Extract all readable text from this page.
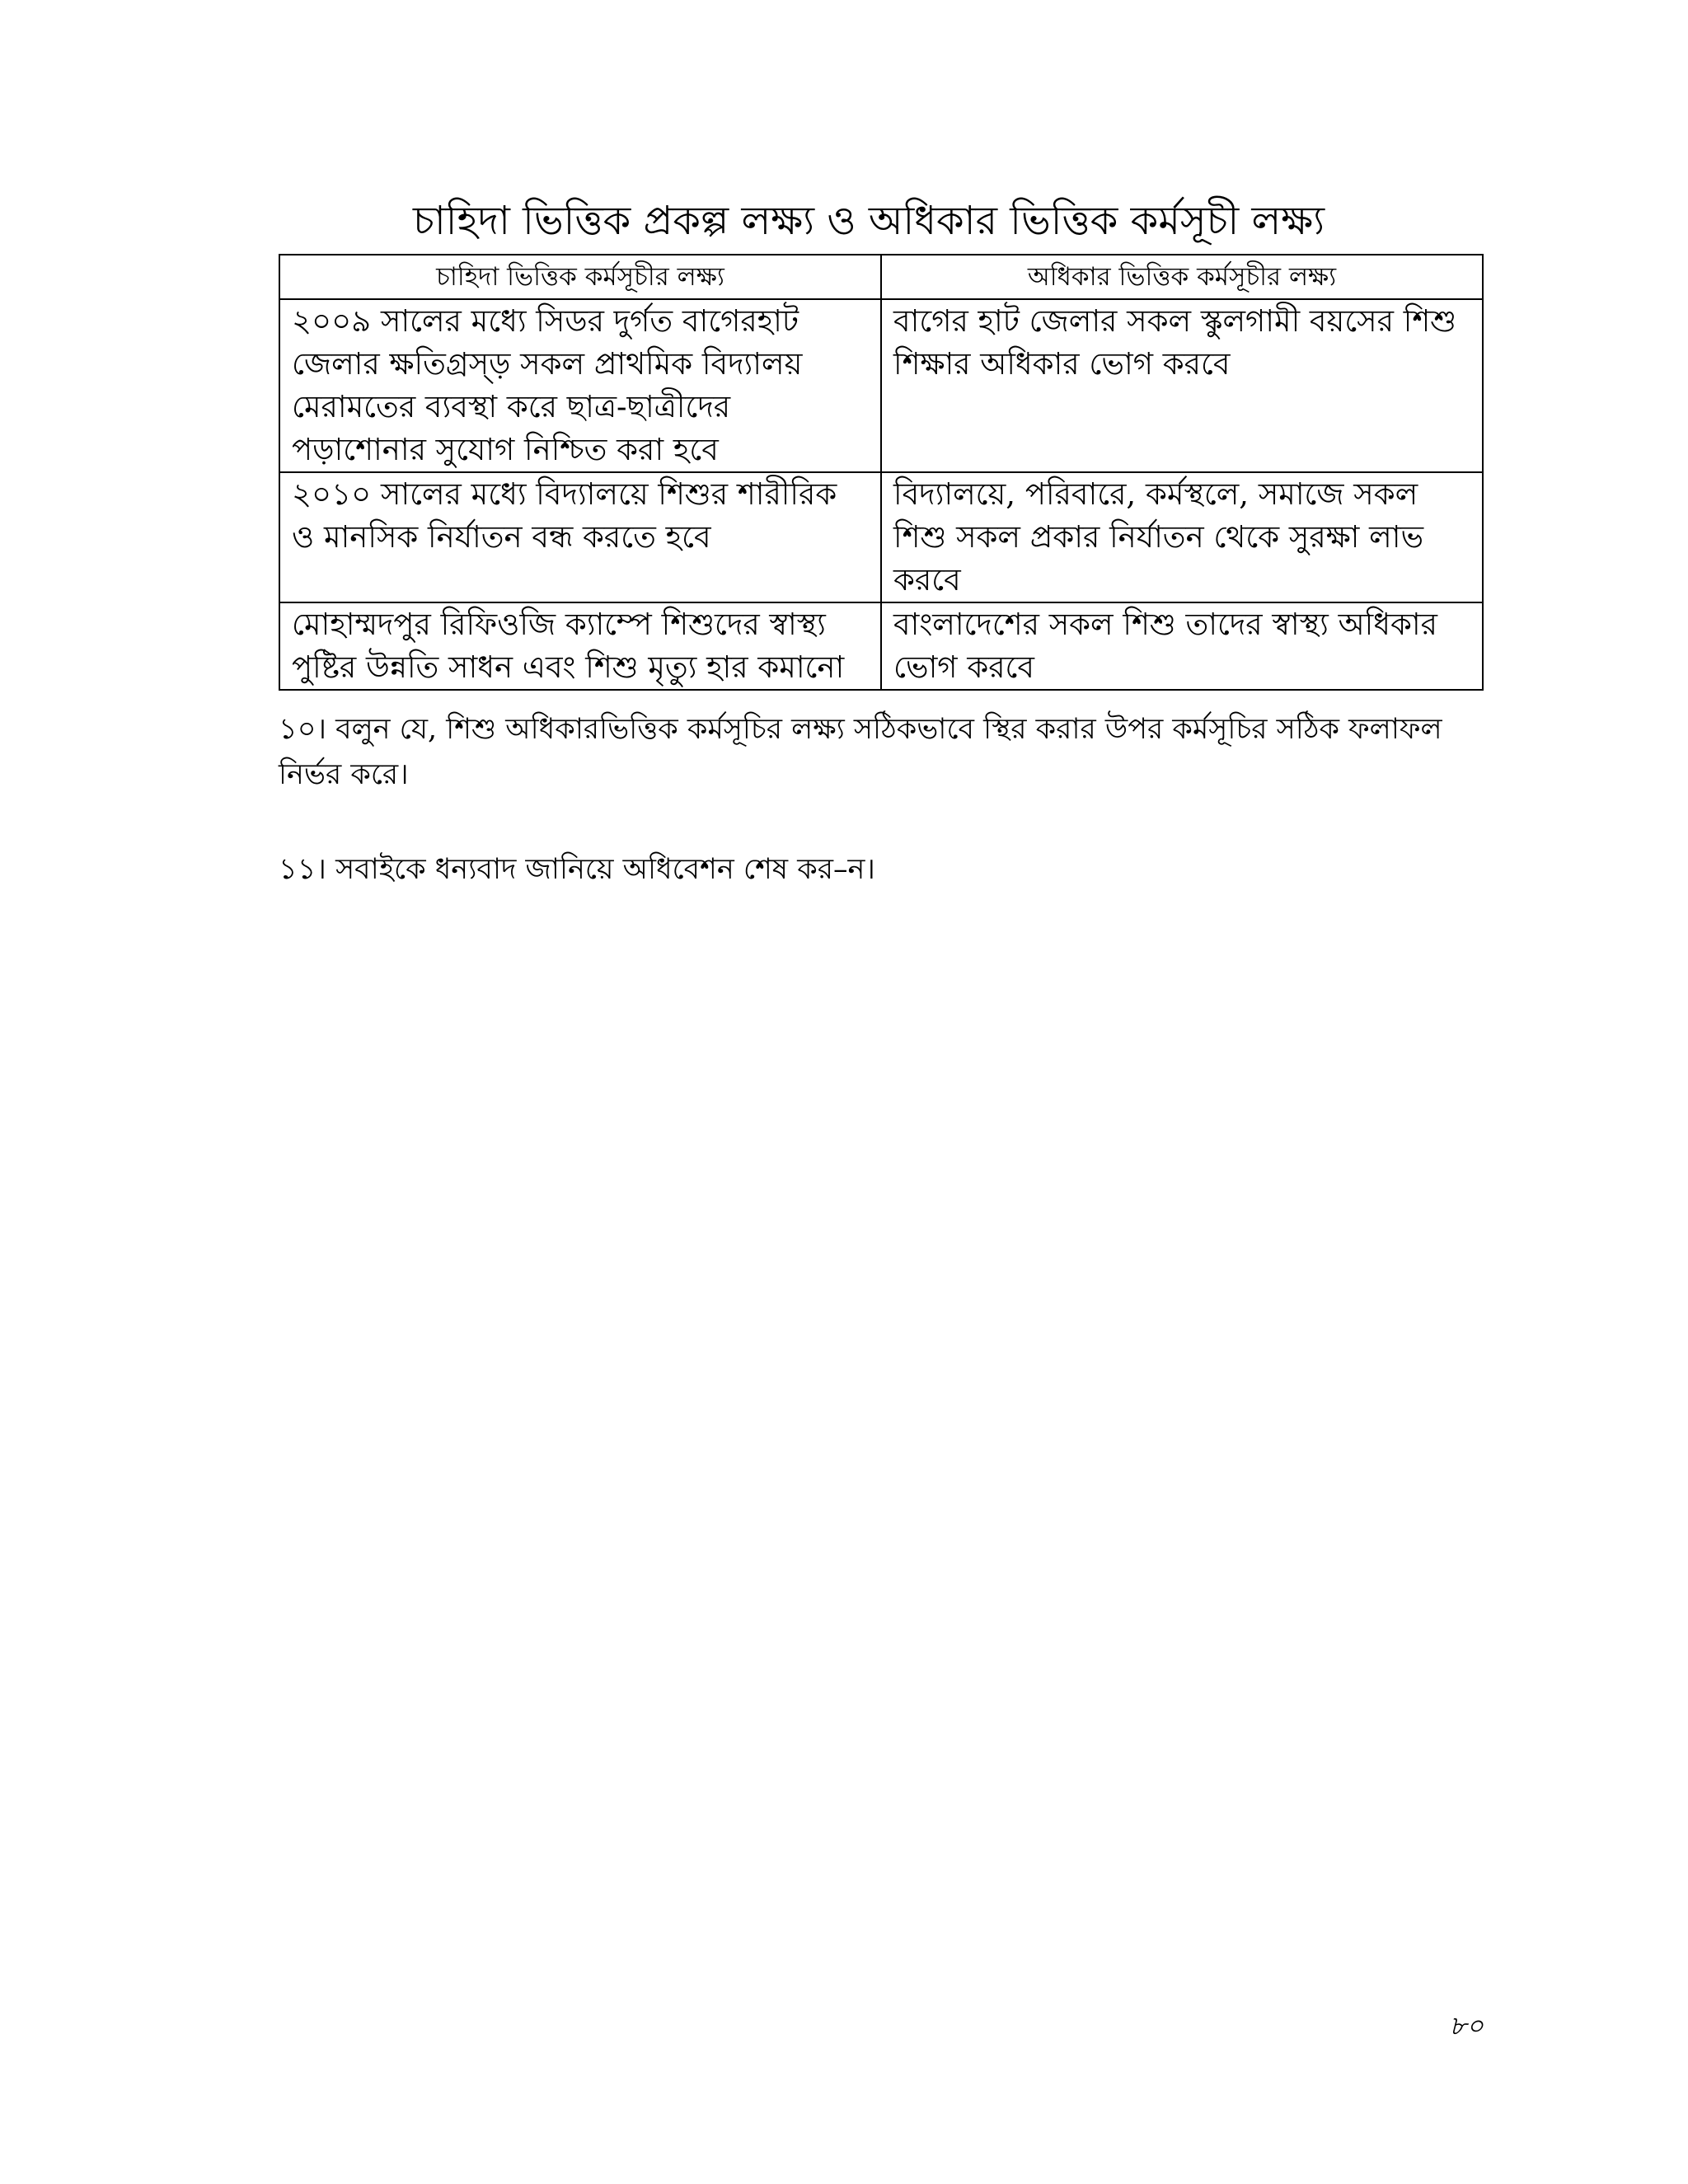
চাহিদা ভিত্তিক প্রকল্প লক্ষ্য ও অধিকার ভিত্তিক কর্মসূচী লক্ষ্য
চাহিদা ভিত্তিক কর্মসূচীর লক্ষ্য	অধিকার ভিত্তিক কর্মসূচীর লক্ষ্য
২০০৯ সালের মধ্যে সিডর দুর্গত বাগেরহাট জেলার ক্ষতিগ্রস্ড় সকল প্রাথমিক বিদ্যালয় মেরামতের ব্যবস্থা করে ছাত্র-ছাত্রীদের পড়াশোনার সুযোগ নিশ্চিত করা হবে	বাগের হাট জেলার সকল স্কুলগামী বয়সের শিশু শিক্ষার অধিকার ভোগ করবে
২০১০ সালের মধ্যে বিদ্যালয়ে শিশুর শারীরিক ও মানসিক নির্যাতন বন্ধ করতে হবে	বিদ্যালয়ে, পরিবারে, কর্মস্থলে, সমাজে সকল শিশু সকল প্রকার নির্যাতন থেকে সুরক্ষা লাভ করবে
মোহাম্মদপুর রিফিওজি ক্যাম্পে শিশুদের স্বাস্থ্য পুষ্টির উন্নতি সাধন এবং শিশু মৃত্যু হার কমানো	বাংলাদেশের সকল শিশু তাদের স্বাস্থ্য অধিকার ভোগ করবে
১০। বলুন যে, শিশু অধিকারভিত্তিক কর্মসূচির লক্ষ্য সঠিকভাবে স্থির করার উপর কর্মসূচির সঠিক ফলাফল নির্ভর করে।
১১। সবাইকে ধন্যবাদ জানিয়ে অধিবেশন শেষ কর–ন।
৮০
